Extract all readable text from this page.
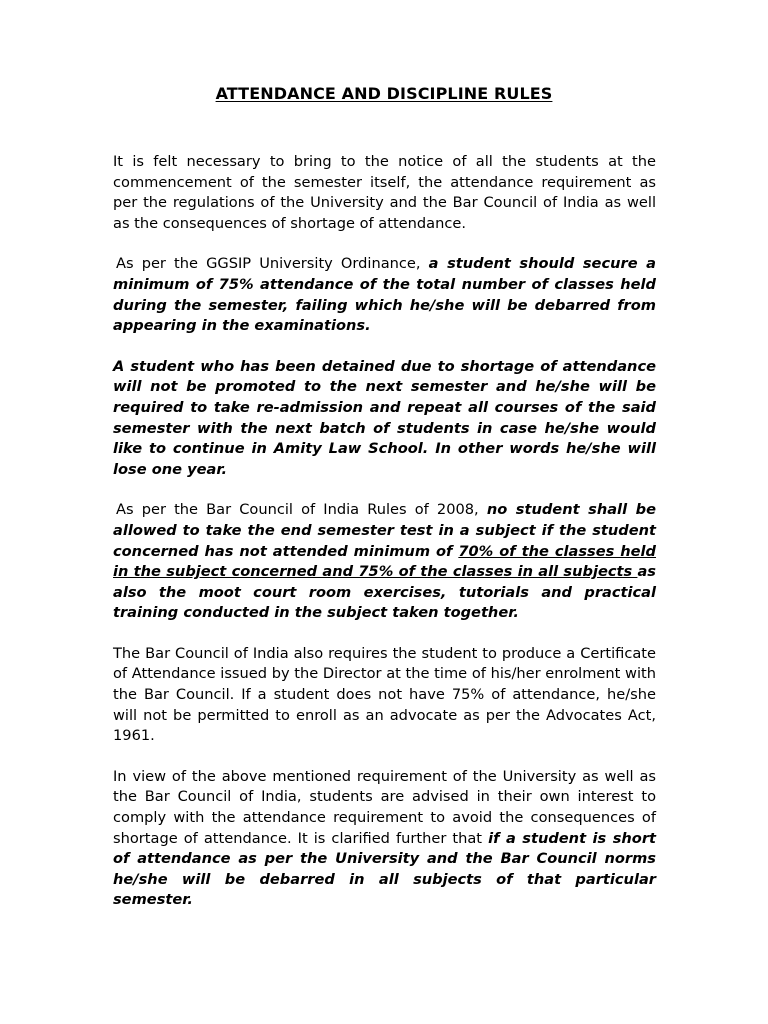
ATTENDANCE AND DISCIPLINE RULES

It is felt necessary to bring to the notice of all the students at the commencement of the semester itself, the attendance requirement as per the regulations of the University and the Bar Council of India as well as the consequences of shortage of attendance.

As per the GGSIP University Ordinance, a student should secure a minimum of 75% attendance of the total number of classes held during the semester, failing which he/she will be debarred from appearing in the examinations.

A student who has been detained due to shortage of attendance will not be promoted to the next semester and he/she will be required to take re-admission and repeat all courses of the said semester with the next batch of students in case he/she would like to continue in Amity Law School. In other words he/she will lose one year.

As per the Bar Council of India Rules of 2008, no student shall be allowed to take the end semester test in a subject if the student concerned has not attended minimum of 70% of the classes held in the subject concerned and 75% of the classes in all subjects as also the moot court room exercises, tutorials and practical training conducted in the subject taken together.

The Bar Council of India also requires the student to produce a Certificate of Attendance issued by the Director at the time of his/her enrolment with the Bar Council. If a student does not have 75% of attendance, he/she will not be permitted to enroll as an advocate as per the Advocates Act, 1961.

In view of the above mentioned requirement of the University as well as the Bar Council of India, students are advised in their own interest to comply with the attendance requirement to avoid the consequences of shortage of attendance. It is clarified further that if a student is short of attendance as per the University and the Bar Council norms he/she will be debarred in all subjects of that particular semester.
